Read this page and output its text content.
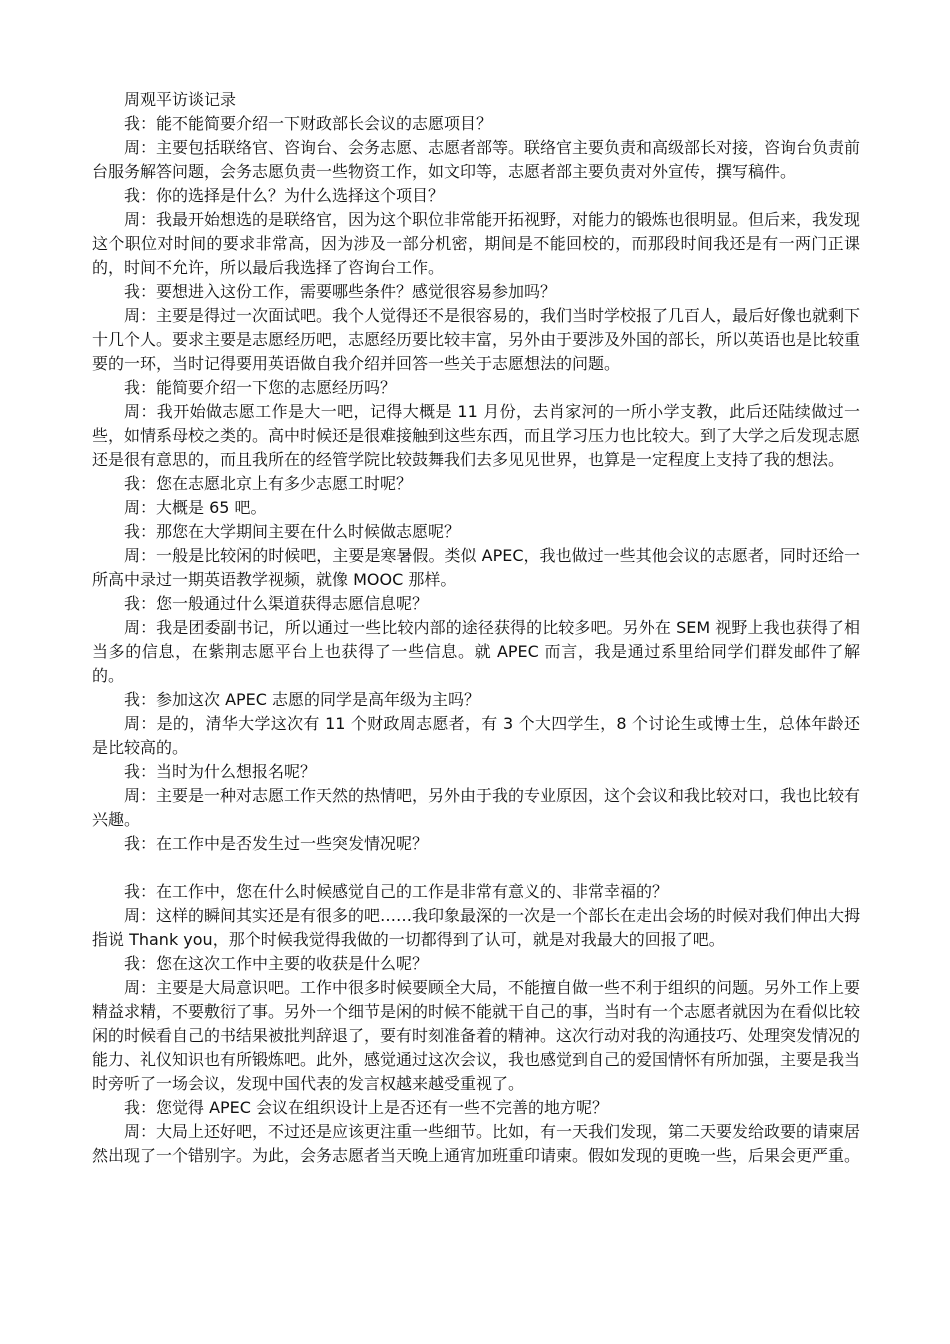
周观平访谈记录

我：能不能简要介绍一下财政部长会议的志愿项目？

周：主要包括联络官、咨询台、会务志愿、志愿者部等。联络官主要负责和高级部长对接，咨询台负责前台服务解答问题，会务志愿负责一些物资工作，如文印等，志愿者部主要负责对外宣传，撰写稿件。

我：你的选择是什么？为什么选择这个项目？

周：我最开始想选的是联络官，因为这个职位非常能开拓视野，对能力的锻炼也很明显。但后来，我发现这个职位对时间的要求非常高，因为涉及一部分机密，期间是不能回校的，而那段时间我还是有一两门正课的，时间不允许，所以最后我选择了咨询台工作。

我：要想进入这份工作，需要哪些条件？感觉很容易参加吗？

周：主要是得过一次面试吧。我个人觉得还不是很容易的，我们当时学校报了几百人，最后好像也就剩下十几个人。要求主要是志愿经历吧，志愿经历要比较丰富，另外由于要涉及外国的部长，所以英语也是比较重要的一环，当时记得要用英语做自我介绍并回答一些关于志愿想法的问题。

我：能简要介绍一下您的志愿经历吗？

周：我开始做志愿工作是大一吧，记得大概是 11 月份，去肖家河的一所小学支教，此后还陆续做过一些，如情系母校之类的。高中时候还是很难接触到这些东西，而且学习压力也比较大。到了大学之后发现志愿还是很有意思的，而且我所在的经管学院比较鼓舞我们去多见见世界，也算是一定程度上支持了我的想法。

我：您在志愿北京上有多少志愿工时呢？

周：大概是 65 吧。

我：那您在大学期间主要在什么时候做志愿呢？

周：一般是比较闲的时候吧，主要是寒暑假。类似 APEC，我也做过一些其他会议的志愿者，同时还给一所高中录过一期英语教学视频，就像 MOOC 那样。

我：您一般通过什么渠道获得志愿信息呢？

周：我是团委副书记，所以通过一些比较内部的途径获得的比较多吧。另外在 SEM 视野上我也获得了相当多的信息，在紫荆志愿平台上也获得了一些信息。就 APEC 而言，我是通过系里给同学们群发邮件了解的。

我：参加这次 APEC 志愿的同学是高年级为主吗？

周：是的，清华大学这次有 11 个财政周志愿者，有 3 个大四学生，8 个讨论生或博士生，总体年龄还是比较高的。

我：当时为什么想报名呢？

周：主要是一种对志愿工作天然的热情吧，另外由于我的专业原因，这个会议和我比较对口，我也比较有兴趣。

我：在工作中是否发生过一些突发情况呢？

我：在工作中，您在什么时候感觉自己的工作是非常有意义的、非常幸福的？

周：这样的瞬间其实还是有很多的吧……我印象最深的一次是一个部长在走出会场的时候对我们伸出大拇指说 Thank you，那个时候我觉得我做的一切都得到了认可，就是对我最大的回报了吧。

我：您在这次工作中主要的收获是什么呢？

周：主要是大局意识吧。工作中很多时候要顾全大局，不能擅自做一些不利于组织的问题。另外工作上要精益求精，不要敷衍了事。另外一个细节是闲的时候不能就干自己的事，当时有一个志愿者就因为在看似比较闲的时候看自己的书结果被批判辞退了，要有时刻准备着的精神。这次行动对我的沟通技巧、处理突发情况的能力、礼仪知识也有所锻炼吧。此外，感觉通过这次会议，我也感觉到自己的爱国情怀有所加强，主要是我当时旁听了一场会议，发现中国代表的发言权越来越受重视了。

我：您觉得 APEC 会议在组织设计上是否还有一些不完善的地方呢？

周：大局上还好吧，不过还是应该更注重一些细节。比如，有一天我们发现，第二天要发给政要的请柬居然出现了一个错别字。为此，会务志愿者当天晚上通宵加班重印请柬。假如发现的更晚一些，后果会更严重。
